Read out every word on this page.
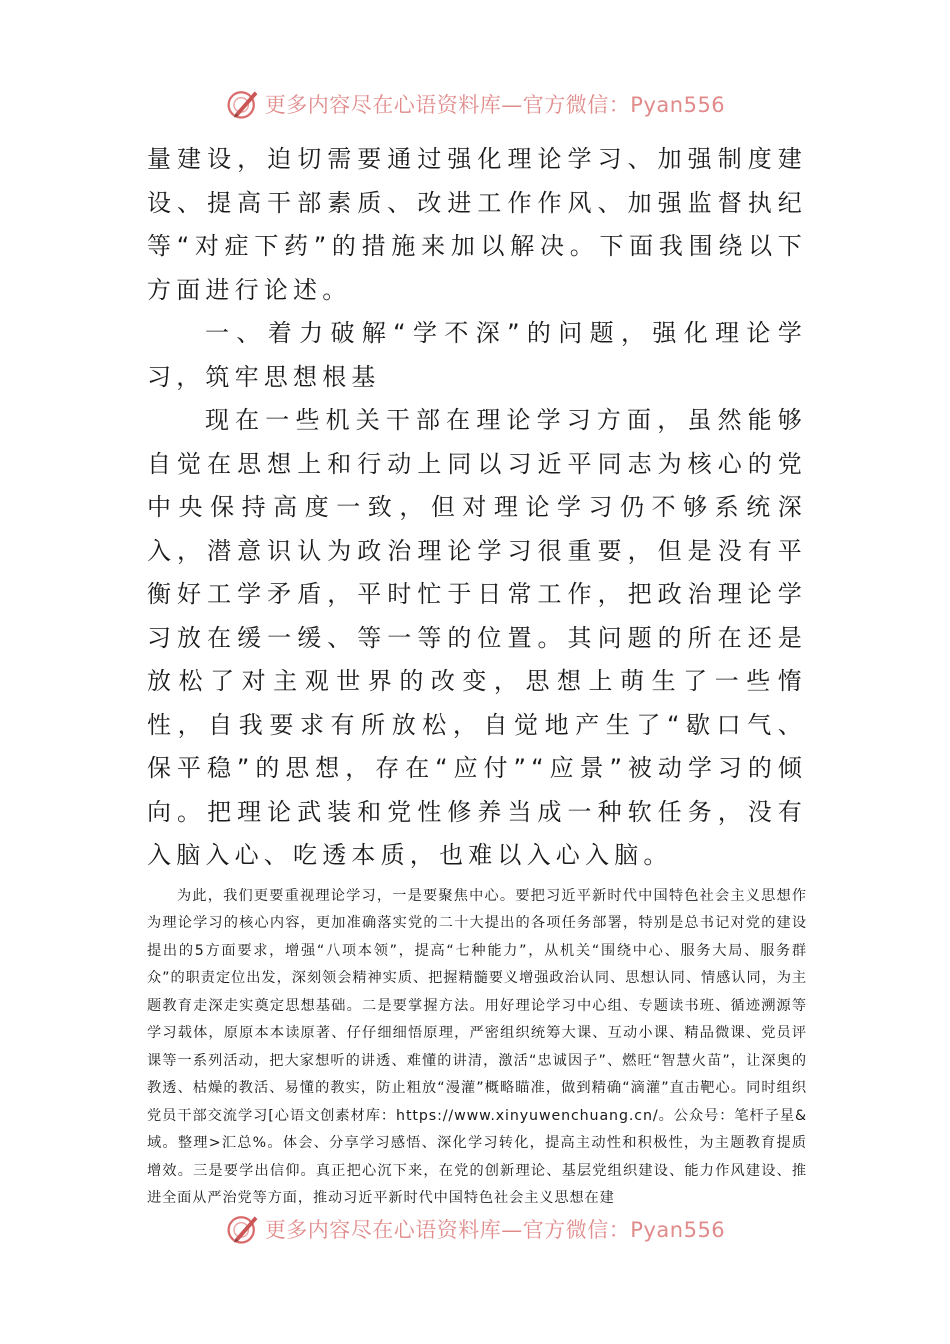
更多内容尽在心语资料库—官方微信：Pyan556

量建设，迫切需要通过强化理论学习、加强制度建设、提高干部素质、改进工作作风、加强监督执纪等“对症下药”的措施来加以解决。下面我围绕以下方面进行论述。

一、着力破解“学不深”的问题，强化理论学习，筑牢思想根基

现在一些机关干部在理论学习方面，虽然能够自觉在思想上和行动上同以习近平同志为核心的党中央保持高度一致，但对理论学习仍不够系统深入，潜意识认为政治理论学习很重要，但是没有平衡好工学矛盾，平时忙于日常工作，把政治理论学习放在缓一缓、等一等的位置。其问题的所在还是放松了对主观世界的改变，思想上萌生了一些惰性，自我要求有所放松，自觉地产生了“歇口气、保平稳”的思想，存在“应付”“应景”被动学习的倾向。把理论武装和党性修养当成一种软任务，没有入脑入心、吃透本质，也难以入心入脑。

为此，我们更要重视理论学习，一是要聚焦中心。要把习近平新时代中国特色社会主义思想作为理论学习的核心内容，更加准确落实党的二十大提出的各项任务部署，特别是总书记对党的建设提出的5方面要求，增强“八项本领”，提高“七种能力”，从机关“围绕中心、服务大局、服务群众”的职责定位出发，深刻领会精神实质、把握精髓要义增强政治认同、思想认同、情感认同，为主题教育走深走实奠定思想基础。二是要掌握方法。用好理论学习中心组、专题读书班、循迹溯源等学习载体，原原本本读原著、仔仔细细悟原理，严密组织统筹大课、互动小课、精品微课、党员评课等一系列活动，把大家想听的讲透、难懂的讲清，激活“忠诚因子”、燃旺“智慧火苗”，让深奥的教透、枯燥的教活、易懂的教实，防止粗放“漫灌”概略瞄准，做到精确“滴灌”直击靶心。同时组织党员干部交流学习[心语文创素材库：https://www.xinyuwenchuang.cn/。公众号：笔杆子星&域。整理>汇总%。体会、分享学习感悟、深化学习转化，提高主动性和积极性，为主题教育提质增效。三是要学出信仰。真正把心沉下来，在党的创新理论、基层党组织建设、能力作风建设、推进全面从严治党等方面，推动习近平新时代中国特色社会主义思想在建

更多内容尽在心语资料库—官方微信：Pyan556
